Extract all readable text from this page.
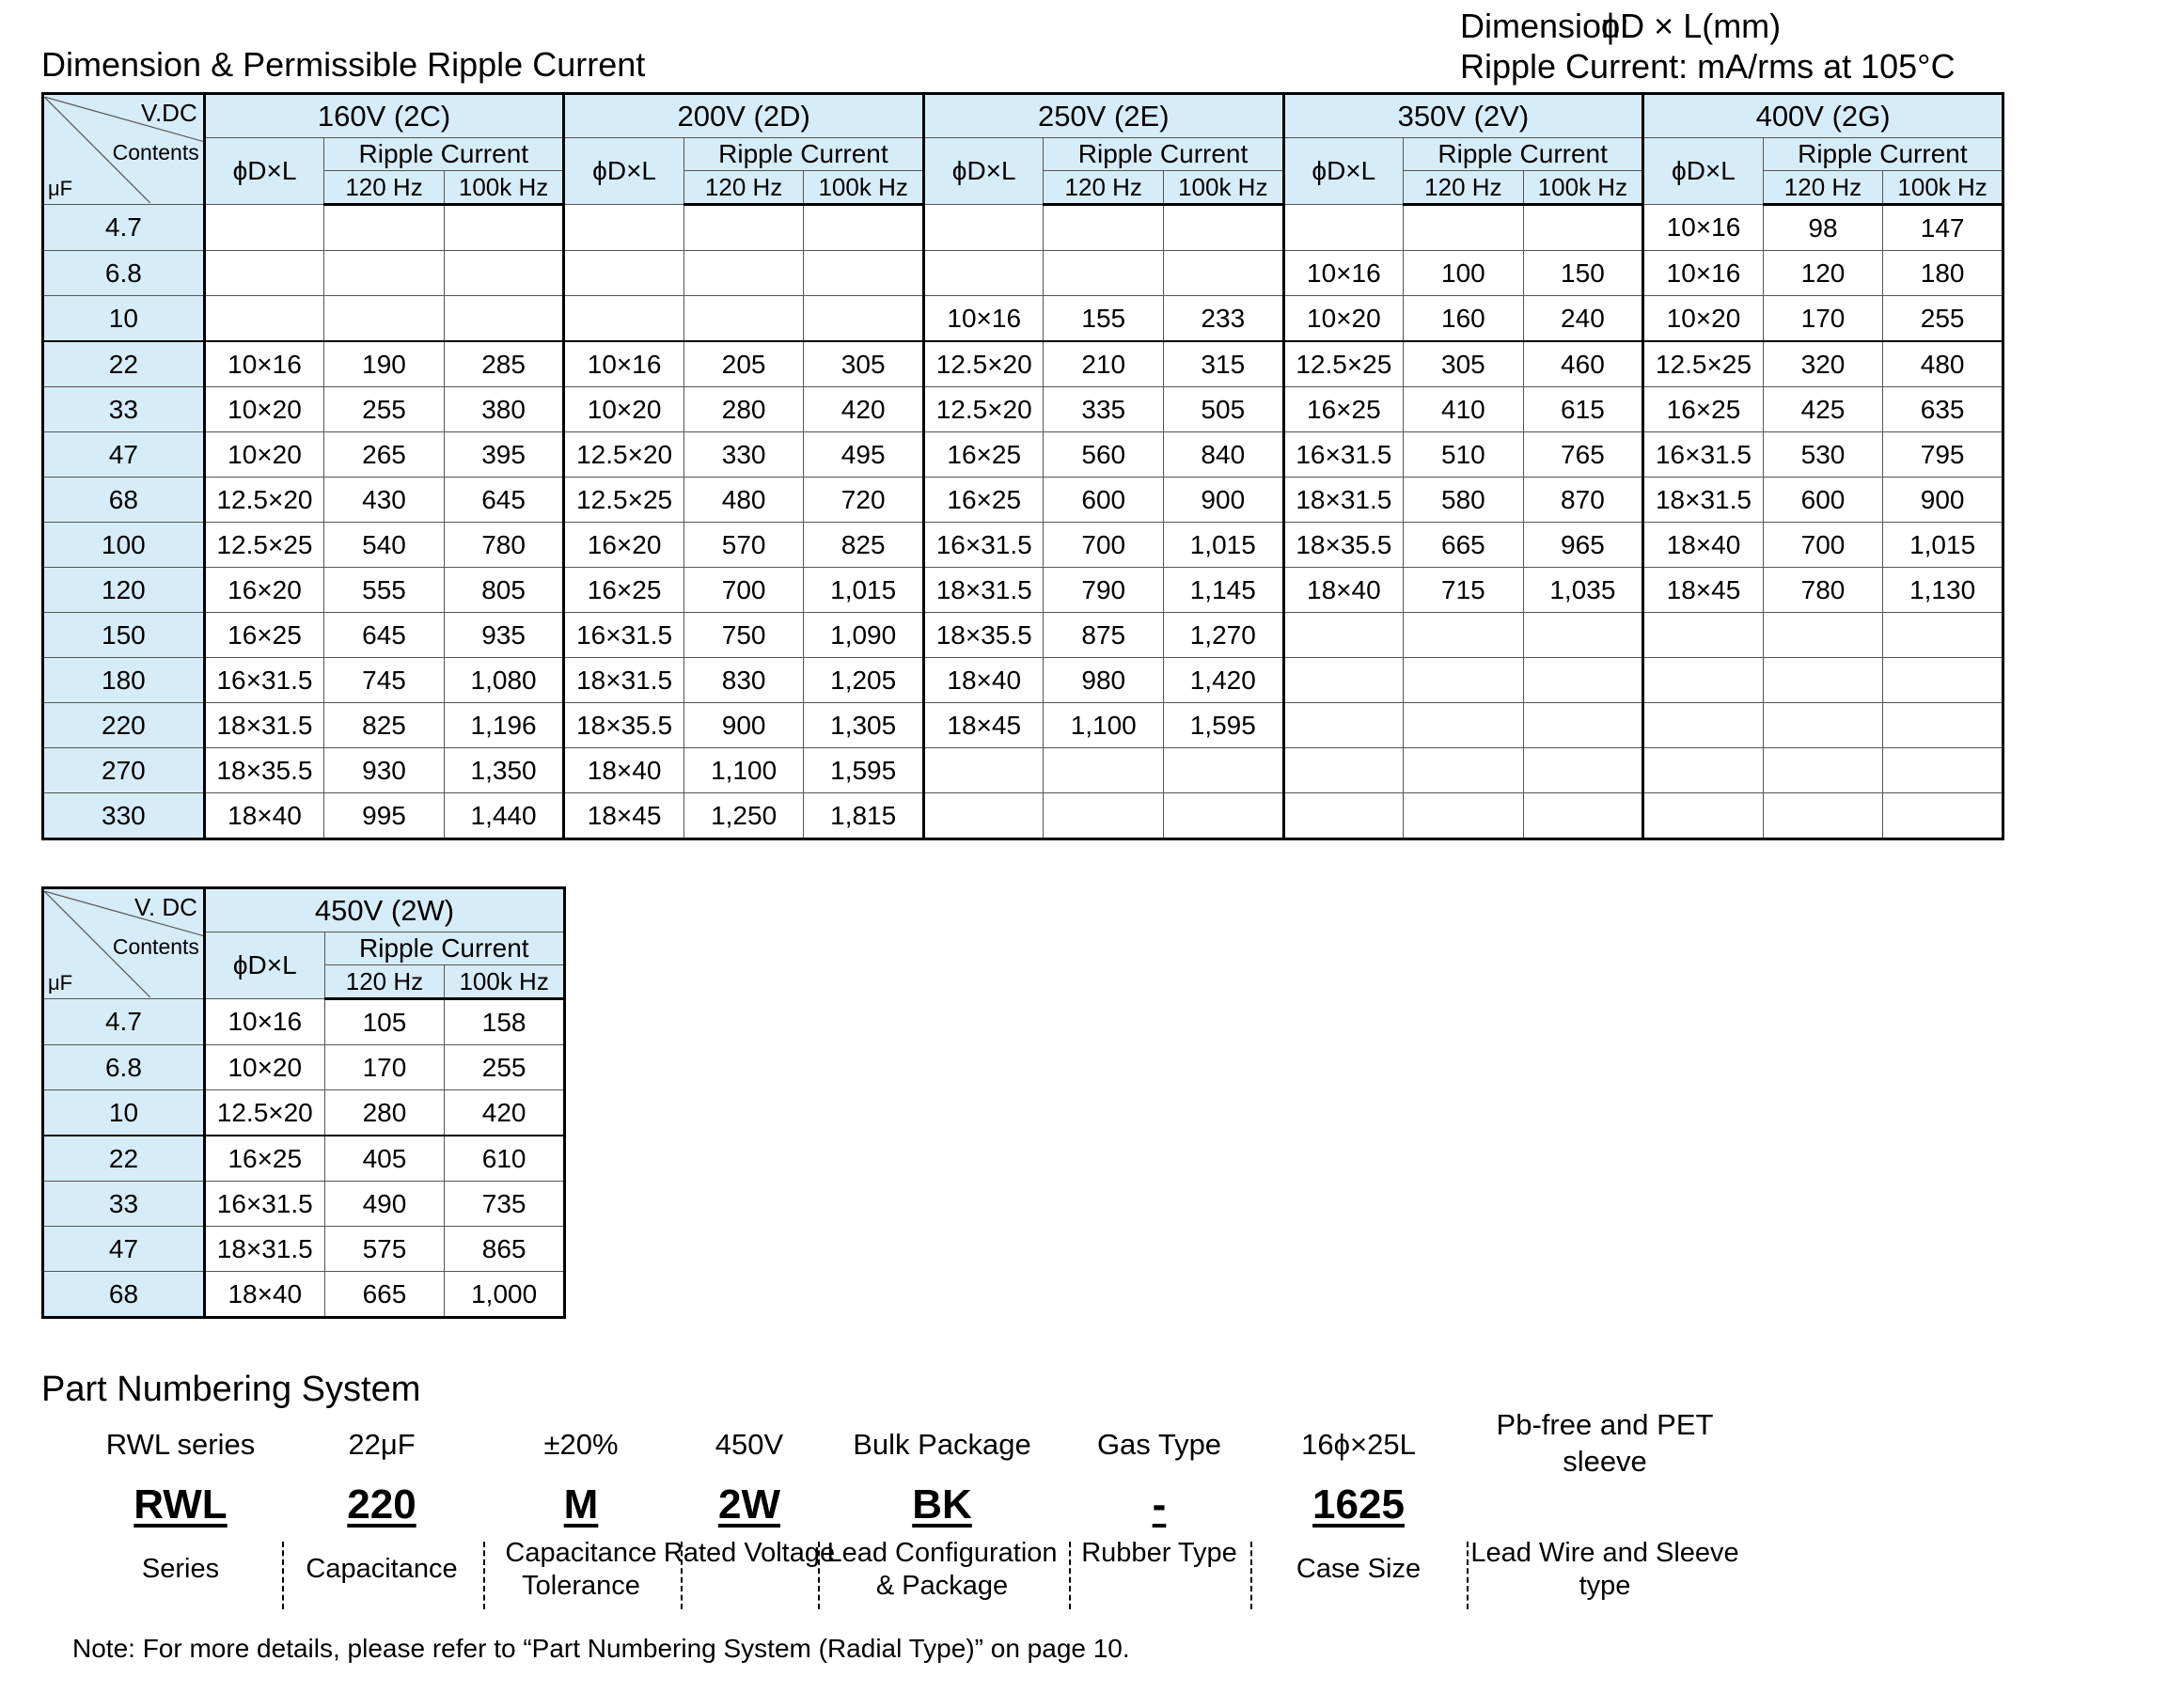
Dimension & Permissible Ripple Current
Dimension:
ϕD × L(mm)
Ripple Current: mA/rms at 105°C
V.DC
Contents
μF	160V (2C)			200V (2D)			250V (2E)			350V (2V)			400V (2G)		
	ϕD×L	Ripple Current		ϕD×L	Ripple Current		ϕD×L	Ripple Current		ϕD×L	Ripple Current		ϕD×L	Ripple Current	
		120 Hz	100k Hz		120 Hz	100k Hz		120 Hz	100k Hz		120 Hz	100k Hz		120 Hz	100k Hz
4.7													10×16	98	147
6.8										10×16	100	150	10×16	120	180
10							10×16	155	233	10×20	160	240	10×20	170	255
22	10×16	190	285	10×16	205	305	12.5×20	210	315	12.5×25	305	460	12.5×25	320	480
33	10×20	255	380	10×20	280	420	12.5×20	335	505	16×25	410	615	16×25	425	635
47	10×20	265	395	12.5×20	330	495	16×25	560	840	16×31.5	510	765	16×31.5	530	795
68	12.5×20	430	645	12.5×25	480	720	16×25	600	900	18×31.5	580	870	18×31.5	600	900
100	12.5×25	540	780	16×20	570	825	16×31.5	700	1,015	18×35.5	665	965	18×40	700	1,015
120	16×20	555	805	16×25	700	1,015	18×31.5	790	1,145	18×40	715	1,035	18×45	780	1,130
150	16×25	645	935	16×31.5	750	1,090	18×35.5	875	1,270						
180	16×31.5	745	1,080	18×31.5	830	1,205	18×40	980	1,420						
220	18×31.5	825	1,196	18×35.5	900	1,305	18×45	1,100	1,595						
270	18×35.5	930	1,350	18×40	1,100	1,595									
330	18×40	995	1,440	18×45	1,250	1,815									
V. DC
Contents
μF	450V (2W)		
	ϕD×L	Ripple Current	
		120 Hz	100k Hz
4.7	10×16	105	158
6.8	10×20	170	255
10	12.5×20	280	420
22	16×25	405	610
33	16×31.5	490	735
47	18×31.5	575	865
68	18×40	665	1,000
Part Numbering System
RWL series
RWL
Series
22μF
220
Capacitance
±20%
M
Capacitance Tolerance
450V
2W
Rated Voltage
Bulk Package
BK
Lead Configuration & Package
Gas Type
-
Rubber Type
16ϕ×25L
1625
Case Size
Pb-free and PET sleeve
Lead Wire and Sleeve type
Note: For more details, please refer to “Part Numbering System (Radial Type)” on page 10.
